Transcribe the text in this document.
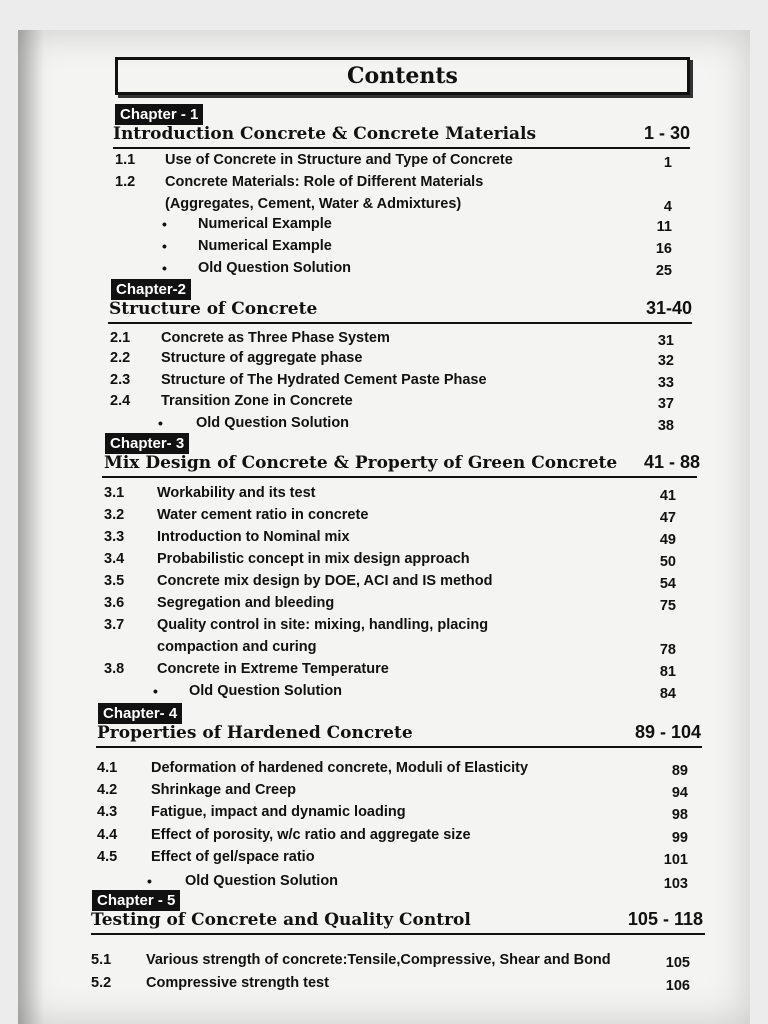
Contents
Chapter - 1
Introduction Concrete & Concrete Materials	1 - 30
1.1 Use of Concrete in Structure and Type of Concrete	1
1.2 Concrete Materials: Role of Different Materials
(Aggregates, Cement, Water & Admixtures)	4
• Numerical Example	11
• Numerical Example	16
• Old Question Solution	25
Chapter-2
Structure of Concrete	31-40
2.1 Concrete as Three Phase System	31
2.2 Structure of aggregate phase	32
2.3 Structure of The Hydrated Cement Paste Phase	33
2.4 Transition Zone in Concrete	37
• Old Question Solution	38
Chapter- 3
Mix Design of Concrete & Property of Green Concrete 41 - 88
3.1 Workability and its test	41
3.2 Water cement ratio in concrete	47
3.3 Introduction to Nominal mix	49
3.4 Probabilistic concept in mix design approach	50
3.5 Concrete mix design by DOE, ACI and IS method	54
3.6 Segregation and bleeding	75
3.7 Quality control in site: mixing, handling, placing
compaction and curing	78
3.8 Concrete in Extreme Temperature	81
• Old Question Solution	84
Chapter- 4
Properties of Hardened Concrete	89 - 104
4.1 Deformation of hardened concrete, Moduli of Elasticity	89
4.2 Shrinkage and Creep	94
4.3 Fatigue, impact and dynamic loading	98
4.4 Effect of porosity, w/c ratio and aggregate size	99
4.5 Effect of gel/space ratio	101
• Old Question Solution	103
Chapter - 5
Testing of Concrete and Quality Control	105 - 118
5.1 Various strength of concrete:Tensile,Compressive, Shear and Bond	105
5.2 Compressive strength test	106
